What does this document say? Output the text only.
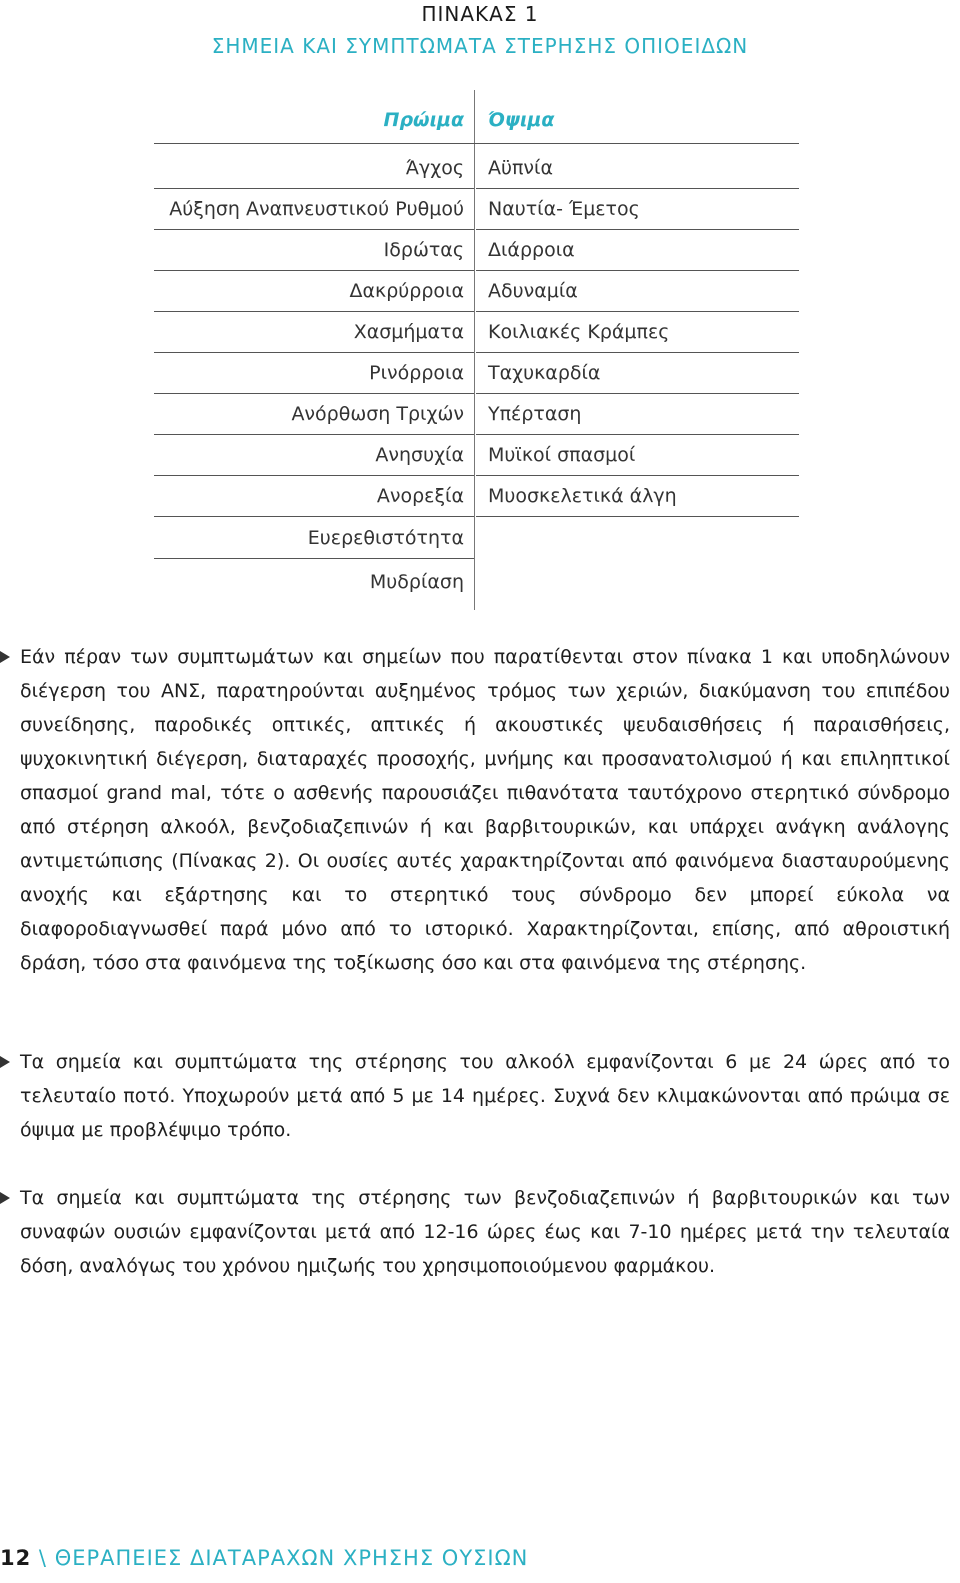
ΠΙΝΑΚΑΣ 1
ΣΗΜΕΙΑ ΚΑΙ ΣΥΜΠΤΩΜΑΤΑ ΣΤΕΡΗΣΗΣ ΟΠΙΟΕΙΔΩΝ
Πρώιμα Όψιμα
Άγχος Αϋπνία
Αύξηση Αναπνευστικού Ρυθμού Ναυτία- Έμετος
Ιδρώτας Διάρροια
Δακρύρροια Αδυναμία
Χασμήματα Κοιλιακές Κράμπες
Ρινόρροια Ταχυκαρδία
Ανόρθωση Τριχών Υπέρταση
Ανησυχία Μυϊκοί σπασμοί
Ανορεξία Μυοσκελετικά άλγη
Ευερεθιστότητα
Μυδρίαση
Εάν πέραν των συμπτωμάτων και σημείων που παρατίθενται στον πίνακα 1 και υποδηλώνουν διέγερση του ΑΝΣ, παρατηρούνται αυξημένος τρόμος των χεριών, διακύμανση του επιπέδου συνείδησης, παροδικές οπτικές, απτικές ή ακουστικές ψευδαισθήσεις ή παραισθήσεις, ψυχοκινητική διέγερση, διαταραχές προσοχής, μνήμης και προσανατολισμού ή και επιληπτικοί σπασμοί grand mal, τότε ο ασθενής παρουσιάζει πιθανότατα ταυτόχρονο στερητικό σύνδρομο από στέρηση αλκοόλ, βενζοδιαζεπινών ή και βαρβιτουρικών, και υπάρχει ανάγκη ανάλογης αντιμετώπισης (Πίνακας 2). Οι ουσίες αυτές χαρακτηρίζονται από φαινόμενα διασταυρούμενης ανοχής και εξάρτησης και το στερητικό τους σύνδρομο δεν μπορεί εύκολα να διαφοροδιαγνωσθεί παρά μόνο από το ιστορικό. Χαρακτηρίζονται, επίσης, από αθροιστική δράση, τόσο στα φαινόμενα της τοξίκωσης όσο και στα φαινόμενα της στέρησης.
Τα σημεία και συμπτώματα της στέρησης του αλκοόλ εμφανίζονται 6 με 24 ώρες από το τελευταίο ποτό. Υποχωρούν μετά από 5 με 14 ημέρες. Συχνά δεν κλιμακώνονται από πρώιμα σε όψιμα με προβλέψιμο τρόπο.
Τα σημεία και συμπτώματα της στέρησης των βενζοδιαζεπινών ή βαρβιτουρικών και των συναφών ουσιών εμφανίζονται μετά από 12-16 ώρες έως και 7-10 ημέρες μετά την τελευταία δόση, αναλόγως του χρόνου ημιζωής του χρησιμοποιούμενου φαρμάκου.
12 \ ΘΕΡΑΠΕΙΕΣ ΔΙΑΤΑΡΑΧΩΝ ΧΡΗΣΗΣ ΟΥΣΙΩΝ
